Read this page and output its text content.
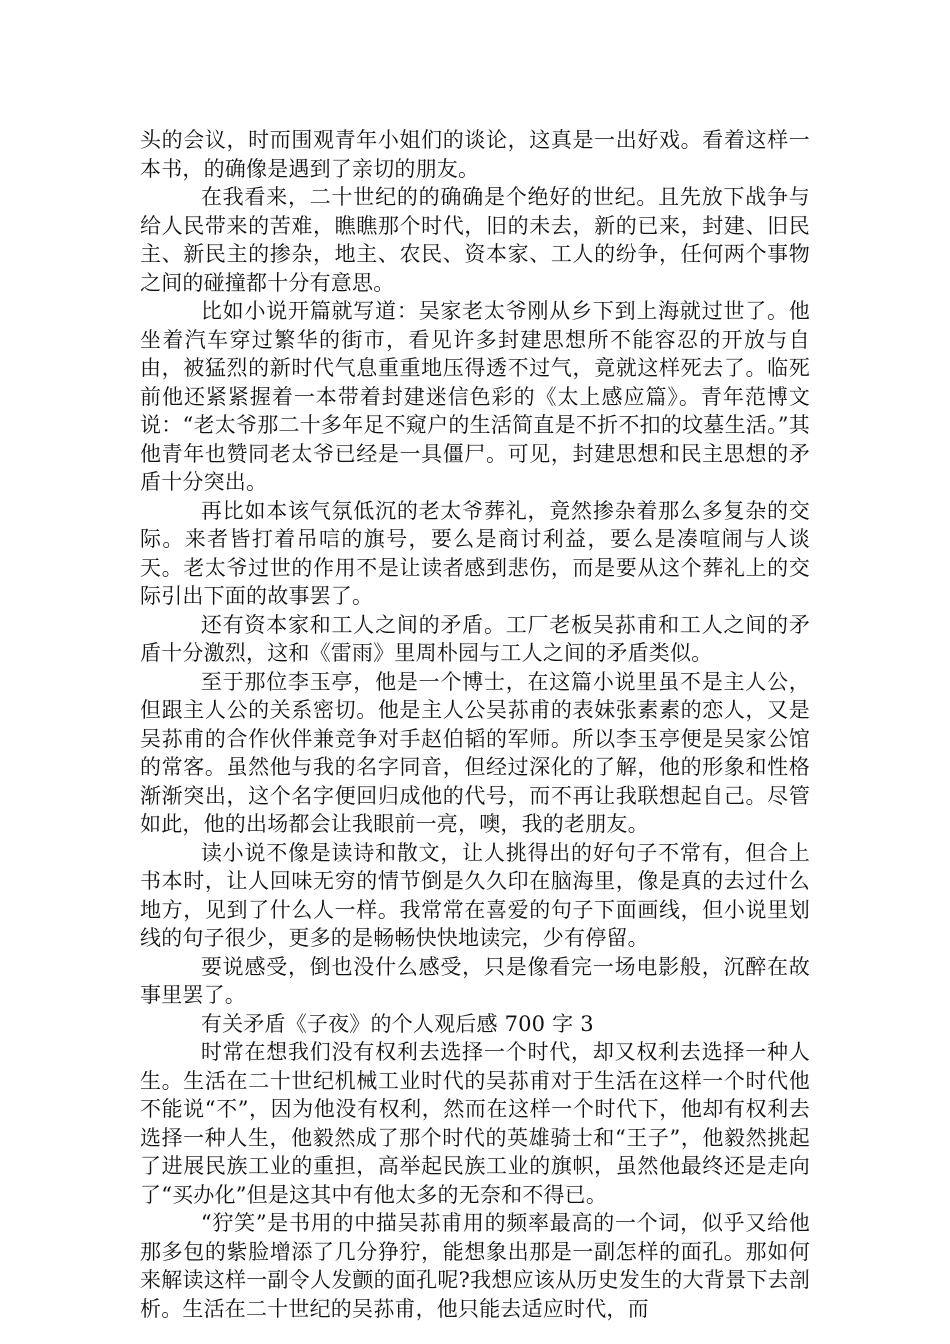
头的会议，时而围观青年小姐们的谈论，这真是一出好戏。看着这样一本书，的确像是遇到了亲切的朋友。

在我看来，二十世纪的的确确是个绝好的世纪。且先放下战争与给人民带来的苦难，瞧瞧那个时代，旧的未去，新的已来，封建、旧民主、新民主的掺杂，地主、农民、资本家、工人的纷争，任何两个事物之间的碰撞都十分有意思。

比如小说开篇就写道：吴家老太爷刚从乡下到上海就过世了。他坐着汽车穿过繁华的街市，看见许多封建思想所不能容忍的开放与自由，被猛烈的新时代气息重重地压得透不过气，竟就这样死去了。临死前他还紧紧握着一本带着封建迷信色彩的《太上感应篇》。青年范博文说：“老太爷那二十多年足不窥户的生活简直是不折不扣的坟墓生活。”其他青年也赞同老太爷已经是一具僵尸。可见，封建思想和民主思想的矛盾十分突出。

再比如本该气氛低沉的老太爷葬礼，竟然掺杂着那么多复杂的交际。来者皆打着吊唁的旗号，要么是商讨利益，要么是凑喧闹与人谈天。老太爷过世的作用不是让读者感到悲伤，而是要从这个葬礼上的交际引出下面的故事罢了。

还有资本家和工人之间的矛盾。工厂老板吴荪甫和工人之间的矛盾十分激烈，这和《雷雨》里周朴园与工人之间的矛盾类似。

至于那位李玉亭，他是一个博士，在这篇小说里虽不是主人公，但跟主人公的关系密切。他是主人公吴荪甫的表妹张素素的恋人，又是吴荪甫的合作伙伴兼竞争对手赵伯韬的军师。所以李玉亭便是吴家公馆的常客。虽然他与我的名字同音，但经过深化的了解，他的形象和性格渐渐突出，这个名字便回归成他的代号，而不再让我联想起自己。尽管如此，他的出场都会让我眼前一亮，噢，我的老朋友。

读小说不像是读诗和散文，让人挑得出的好句子不常有，但合上书本时，让人回味无穷的情节倒是久久印在脑海里，像是真的去过什么地方，见到了什么人一样。我常常在喜爱的句子下面画线，但小说里划线的句子很少，更多的是畅畅快快地读完，少有停留。

要说感受，倒也没什么感受，只是像看完一场电影般，沉醉在故事里罢了。

有关矛盾《子夜》的个人观后感 700 字 3

时常在想我们没有权利去选择一个时代，却又权利去选择一种人生。生活在二十世纪机械工业时代的吴荪甫对于生活在这样一个时代他不能说“不”，因为他没有权利，然而在这样一个时代下，他却有权利去选择一种人生，他毅然成了那个时代的英雄骑士和“王子”，他毅然挑起了进展民族工业的重担，高举起民族工业的旗帜，虽然他最终还是走向了“买办化”但是这其中有他太多的无奈和不得已。

“狞笑”是书用的中描吴荪甫用的频率最高的一个词，似乎又给他那多包的紫脸增添了几分狰狞，能想象出那是一副怎样的面孔。那如何来解读这样一副令人发颤的面孔呢?我想应该从历史发生的大背景下去剖析。生活在二十世纪的吴荪甫，他只能去适应时代，而
